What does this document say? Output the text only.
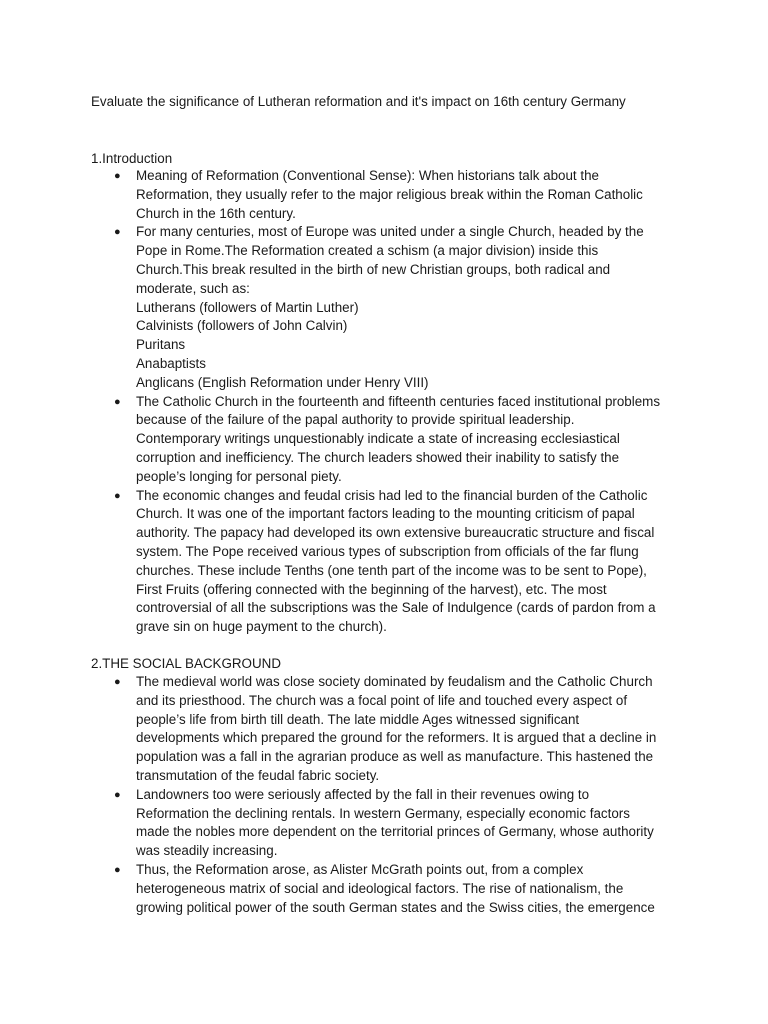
Evaluate the significance of Lutheran reformation and it's impact on 16th century Germany
1.Introduction
● Meaning of Reformation (Conventional Sense): When historians talk about the
Reformation, they usually refer to the major religious break within the Roman Catholic
Church in the 16th century.
● For many centuries, most of Europe was united under a single Church, headed by the
Pope in Rome.The Reformation created a schism (a major division) inside this
Church.This break resulted in the birth of new Christian groups, both radical and
moderate, such as:
Lutherans (followers of Martin Luther)
Calvinists (followers of John Calvin)
Puritans
Anabaptists
Anglicans (English Reformation under Henry VIII)
● The Catholic Church in the fourteenth and fifteenth centuries faced institutional problems
because of the failure of the papal authority to provide spiritual leadership.
Contemporary writings unquestionably indicate a state of increasing ecclesiastical
corruption and inefficiency. The church leaders showed their inability to satisfy the
people’s longing for personal piety.
● The economic changes and feudal crisis had led to the financial burden of the Catholic
Church. It was one of the important factors leading to the mounting criticism of papal
authority. The papacy had developed its own extensive bureaucratic structure and fiscal
system. The Pope received various types of subscription from officials of the far flung
churches. These include Tenths (one tenth part of the income was to be sent to Pope),
First Fruits (offering connected with the beginning of the harvest), etc. The most
controversial of all the subscriptions was the Sale of Indulgence (cards of pardon from a
grave sin on huge payment to the church).
2.THE SOCIAL BACKGROUND
● The medieval world was close society dominated by feudalism and the Catholic Church
and its priesthood. The church was a focal point of life and touched every aspect of
people’s life from birth till death. The late middle Ages witnessed significant
developments which prepared the ground for the reformers. It is argued that a decline in
population was a fall in the agrarian produce as well as manufacture. This hastened the
transmutation of the feudal fabric society.
● Landowners too were seriously affected by the fall in their revenues owing to
Reformation the declining rentals. In western Germany, especially economic factors
made the nobles more dependent on the territorial princes of Germany, whose authority
was steadily increasing.
● Thus, the Reformation arose, as Alister McGrath points out, from a complex
heterogeneous matrix of social and ideological factors. The rise of nationalism, the
growing political power of the south German states and the Swiss cities, the emergence
